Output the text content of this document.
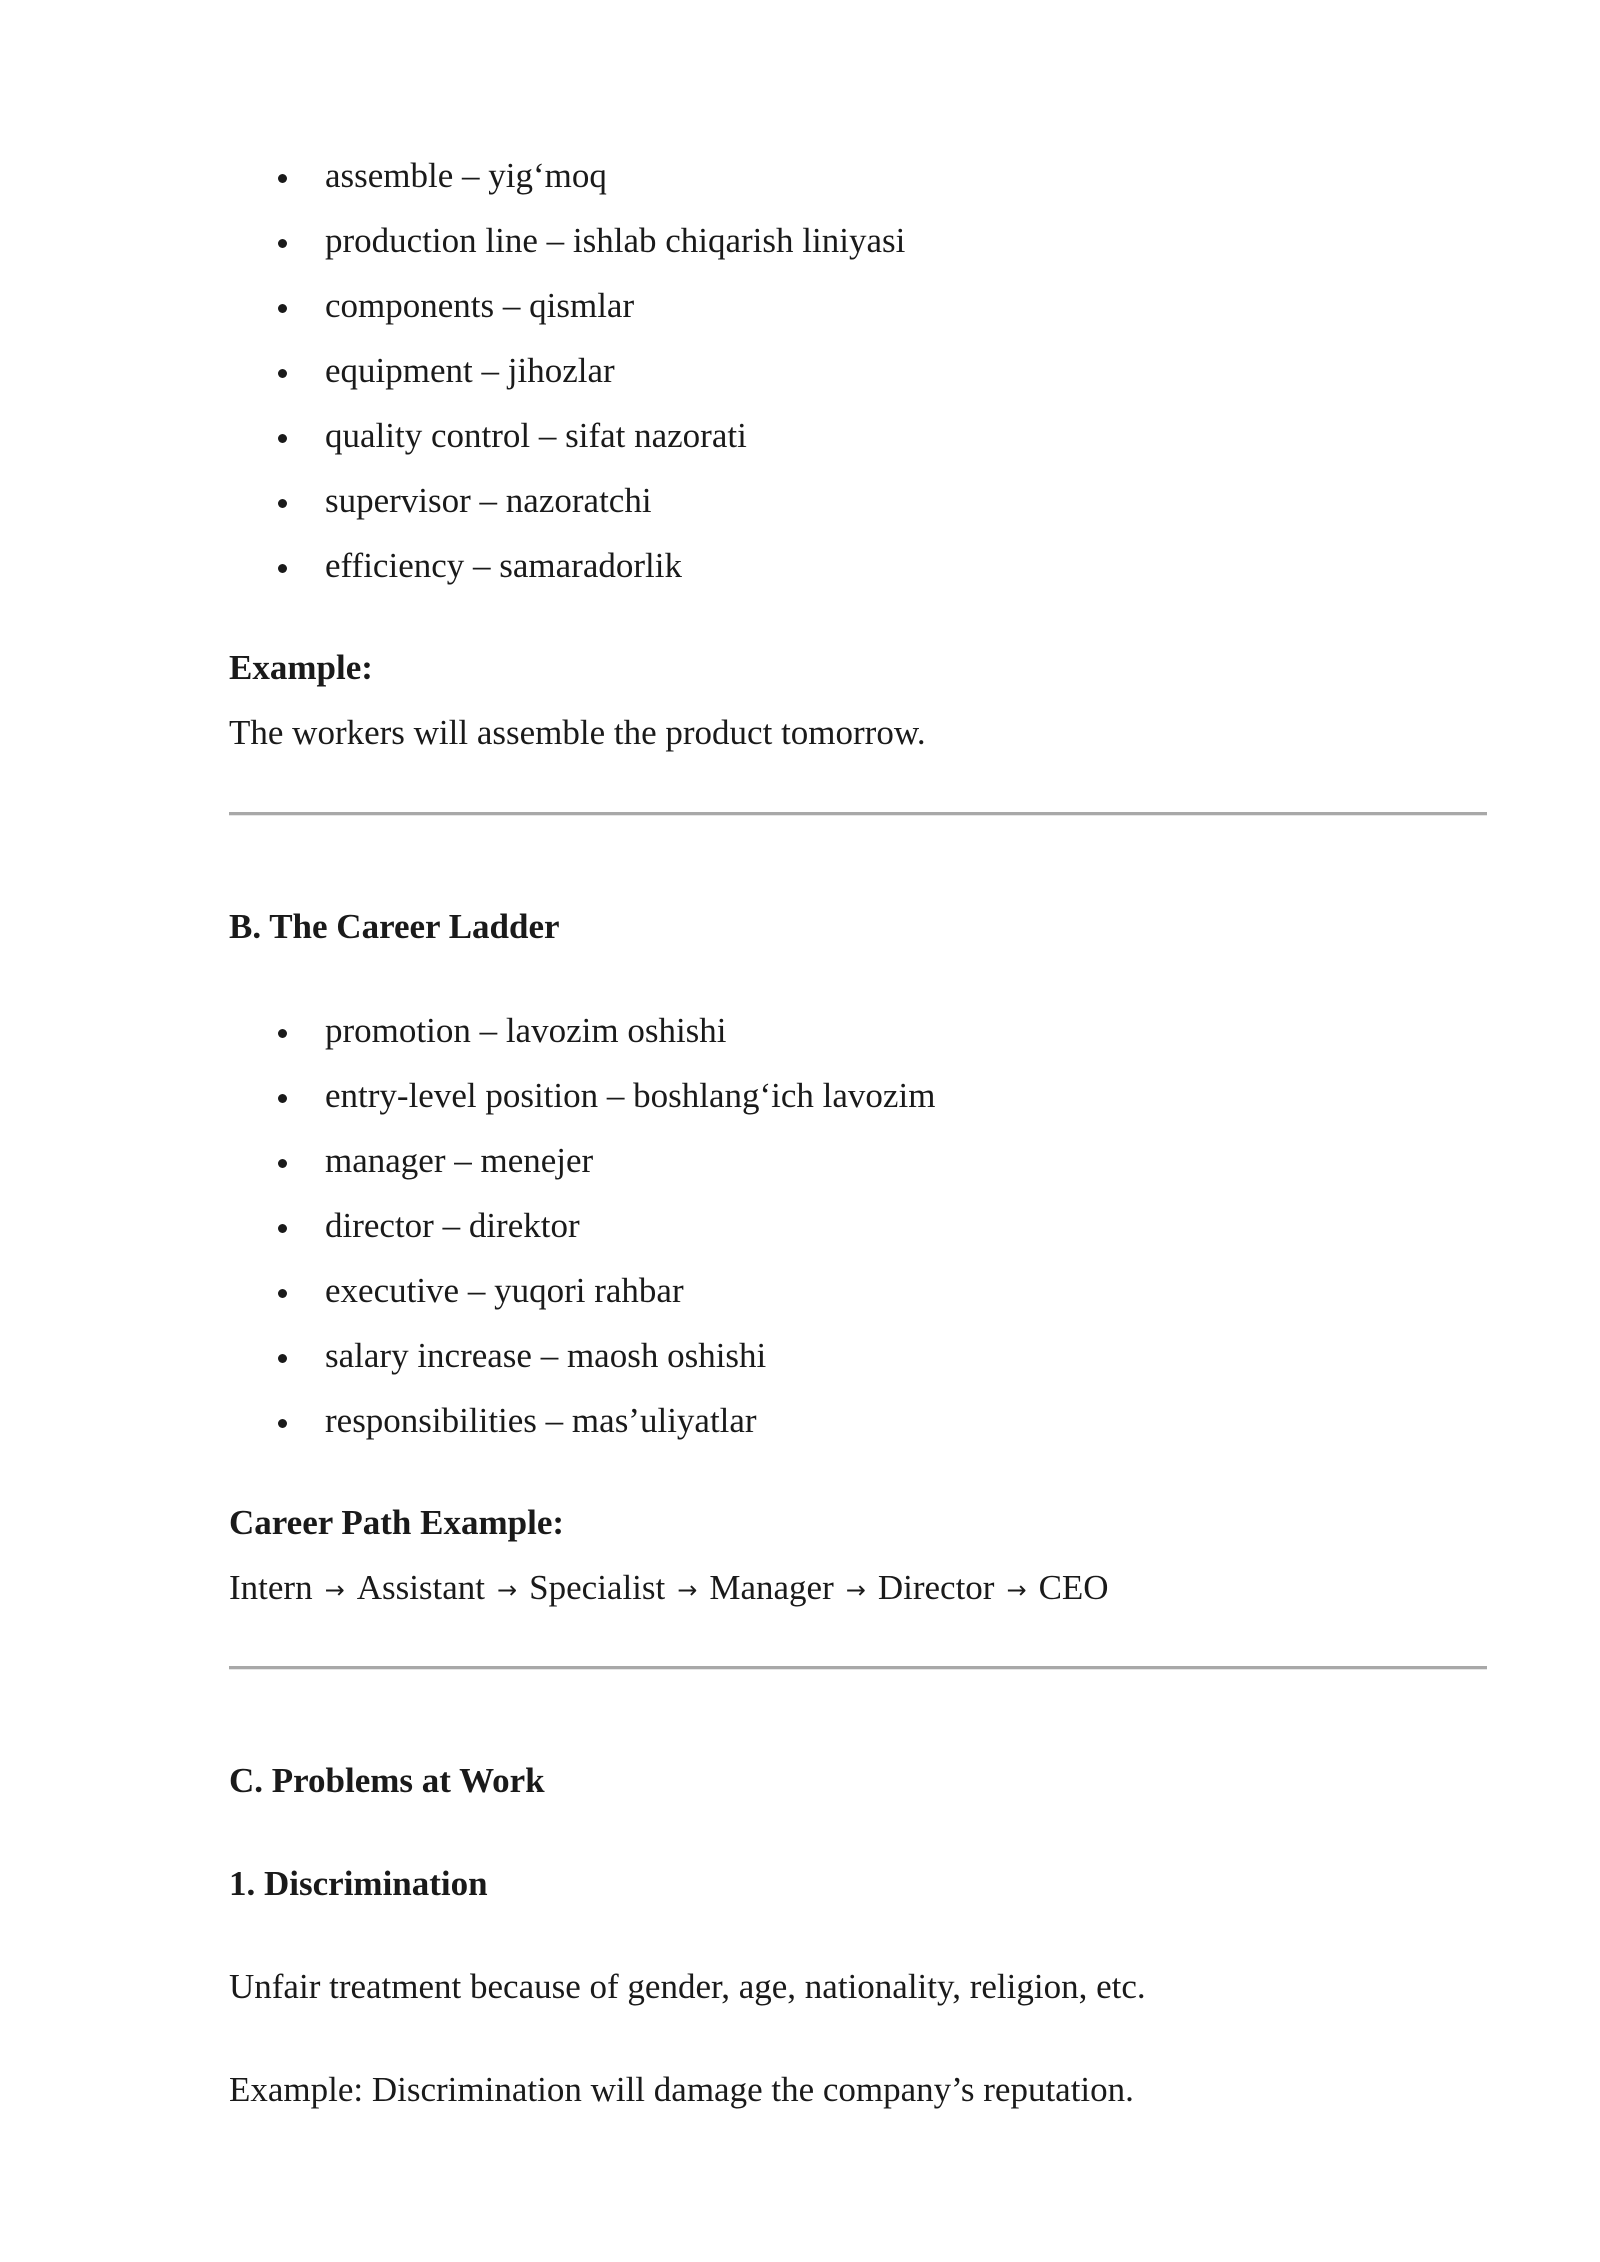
assemble – yig‘moq
production line – ishlab chiqarish liniyasi
components – qismlar
equipment – jihozlar
quality control – sifat nazorati
supervisor – nazoratchi
efficiency – samaradorlik
Example:
The workers will assemble the product tomorrow.
B. The Career Ladder
promotion – lavozim oshishi
entry-level position – boshlang‘ich lavozim
manager – menejer
director – direktor
executive – yuqori rahbar
salary increase – maosh oshishi
responsibilities – mas’uliyatlar
Career Path Example:
Intern → Assistant → Specialist → Manager → Director → CEO
C. Problems at Work
1. Discrimination
Unfair treatment because of gender, age, nationality, religion, etc.
Example: Discrimination will damage the company’s reputation.
